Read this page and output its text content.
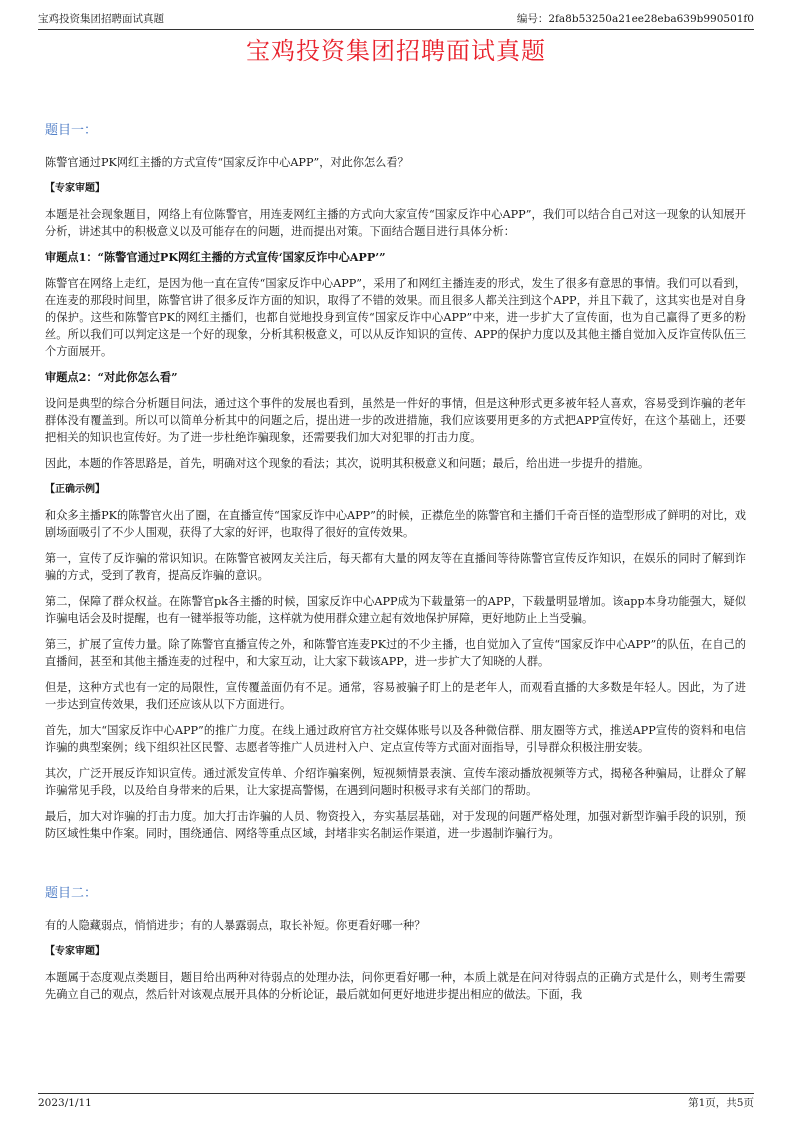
宝鸡投资集团招聘面试真题	编号：2fa8b53250a21ee28eba639b990501f0
宝鸡投资集团招聘面试真题
题目一：

陈警官通过PK网红主播的方式宣传“国家反诈中心APP”，对此你怎么看？

【专家审题】

本题是社会现象题目，网络上有位陈警官，用连麦网红主播的方式向大家宣传“国家反诈中心APP”，我们可以结合自己对这一现象的认知展开分析，讲述其中的积极意义以及可能存在的问题，进而提出对策。下面结合题目进行具体分析：

审题点1：“陈警官通过PK网红主播的方式宣传‘国家反诈中心APP’”

陈警官在网络上走红，是因为他一直在宣传“国家反诈中心APP”，采用了和网红主播连麦的形式，发生了很多有意思的事情。我们可以看到，在连麦的那段时间里，陈警官讲了很多反诈方面的知识，取得了不错的效果。而且很多人都关注到这个APP，并且下载了，这其实也是对自身的保护。这些和陈警官PK的网红主播们，也都自觉地投身到宣传“国家反诈中心APP”中来，进一步扩大了宣传面，也为自己赢得了更多的粉丝。所以我们可以判定这是一个好的现象，分析其积极意义，可以从反诈知识的宣传、APP的保护力度以及其他主播自觉加入反诈宣传队伍三个方面展开。

审题点2：“对此你怎么看”

设问是典型的综合分析题目问法，通过这个事件的发展也看到，虽然是一件好的事情，但是这种形式更多被年轻人喜欢，容易受到诈骗的老年群体没有覆盖到。所以可以简单分析其中的问题之后，提出进一步的改进措施，我们应该要用更多的方式把APP宣传好，在这个基础上，还要把相关的知识也宣传好。为了进一步杜绝诈骗现象，还需要我们加大对犯罪的打击力度。

因此，本题的作答思路是，首先，明确对这个现象的看法；其次，说明其积极意义和问题；最后，给出进一步提升的措施。

【正确示例】

和众多主播PK的陈警官火出了圈，在直播宣传“国家反诈中心APP”的时候，正襟危坐的陈警官和主播们千奇百怪的造型形成了鲜明的对比，戏剧场面吸引了不少人围观，获得了大家的好评，也取得了很好的宣传效果。

第一，宣传了反诈骗的常识知识。在陈警官被网友关注后，每天都有大量的网友等在直播间等待陈警官宣传反诈知识，在娱乐的同时了解到诈骗的方式，受到了教育，提高反诈骗的意识。

第二，保障了群众权益。在陈警官pk各主播的时候，国家反诈中心APP成为下载量第一的APP，下载量明显增加。该app本身功能强大，疑似诈骗电话会及时提醒，也有一键举报等功能，这样就为使用群众建立起有效地保护屏障，更好地防止上当受骗。

第三，扩展了宣传力量。除了陈警官直播宣传之外，和陈警官连麦PK过的不少主播，也自觉加入了宣传“国家反诈中心APP”的队伍，在自己的直播间，甚至和其他主播连麦的过程中，和大家互动，让大家下载该APP，进一步扩大了知晓的人群。

但是，这种方式也有一定的局限性，宣传覆盖面仍有不足。通常，容易被骗子盯上的是老年人，而观看直播的大多数是年轻人。因此，为了进一步达到宣传效果，我们还应该从以下方面进行。

首先，加大“国家反诈中心APP”的推广力度。在线上通过政府官方社交媒体账号以及各种微信群、朋友圈等方式，推送APP宣传的资料和电信诈骗的典型案例；线下组织社区民警、志愿者等推广人员进村入户、定点宣传等方式面对面指导，引导群众积极注册安装。

其次，广泛开展反诈知识宣传。通过派发宣传单、介绍诈骗案例，短视频情景表演、宣传车滚动播放视频等方式，揭秘各种骗局，让群众了解诈骗常见手段，以及给自身带来的后果，让大家提高警惕，在遇到问题时积极寻求有关部门的帮助。

最后，加大对诈骗的打击力度。加大打击诈骗的人员、物资投入，夯实基层基础，对于发现的问题严格处理，加强对新型诈骗手段的识别，预防区域性集中作案。同时，围绕通信、网络等重点区域，封堵非实名制运作渠道，进一步遏制诈骗行为。

题目二：

有的人隐藏弱点，悄悄进步；有的人暴露弱点，取长补短。你更看好哪一种？

【专家审题】

本题属于态度观点类题目，题目给出两种对待弱点的处理办法，问你更看好哪一种，本质上就是在问对待弱点的正确方式是什么，则考生需要先确立自己的观点，然后针对该观点展开具体的分析论证，最后就如何更好地进步提出相应的做法。下面，我

2023/1/11	第1页，共5页
